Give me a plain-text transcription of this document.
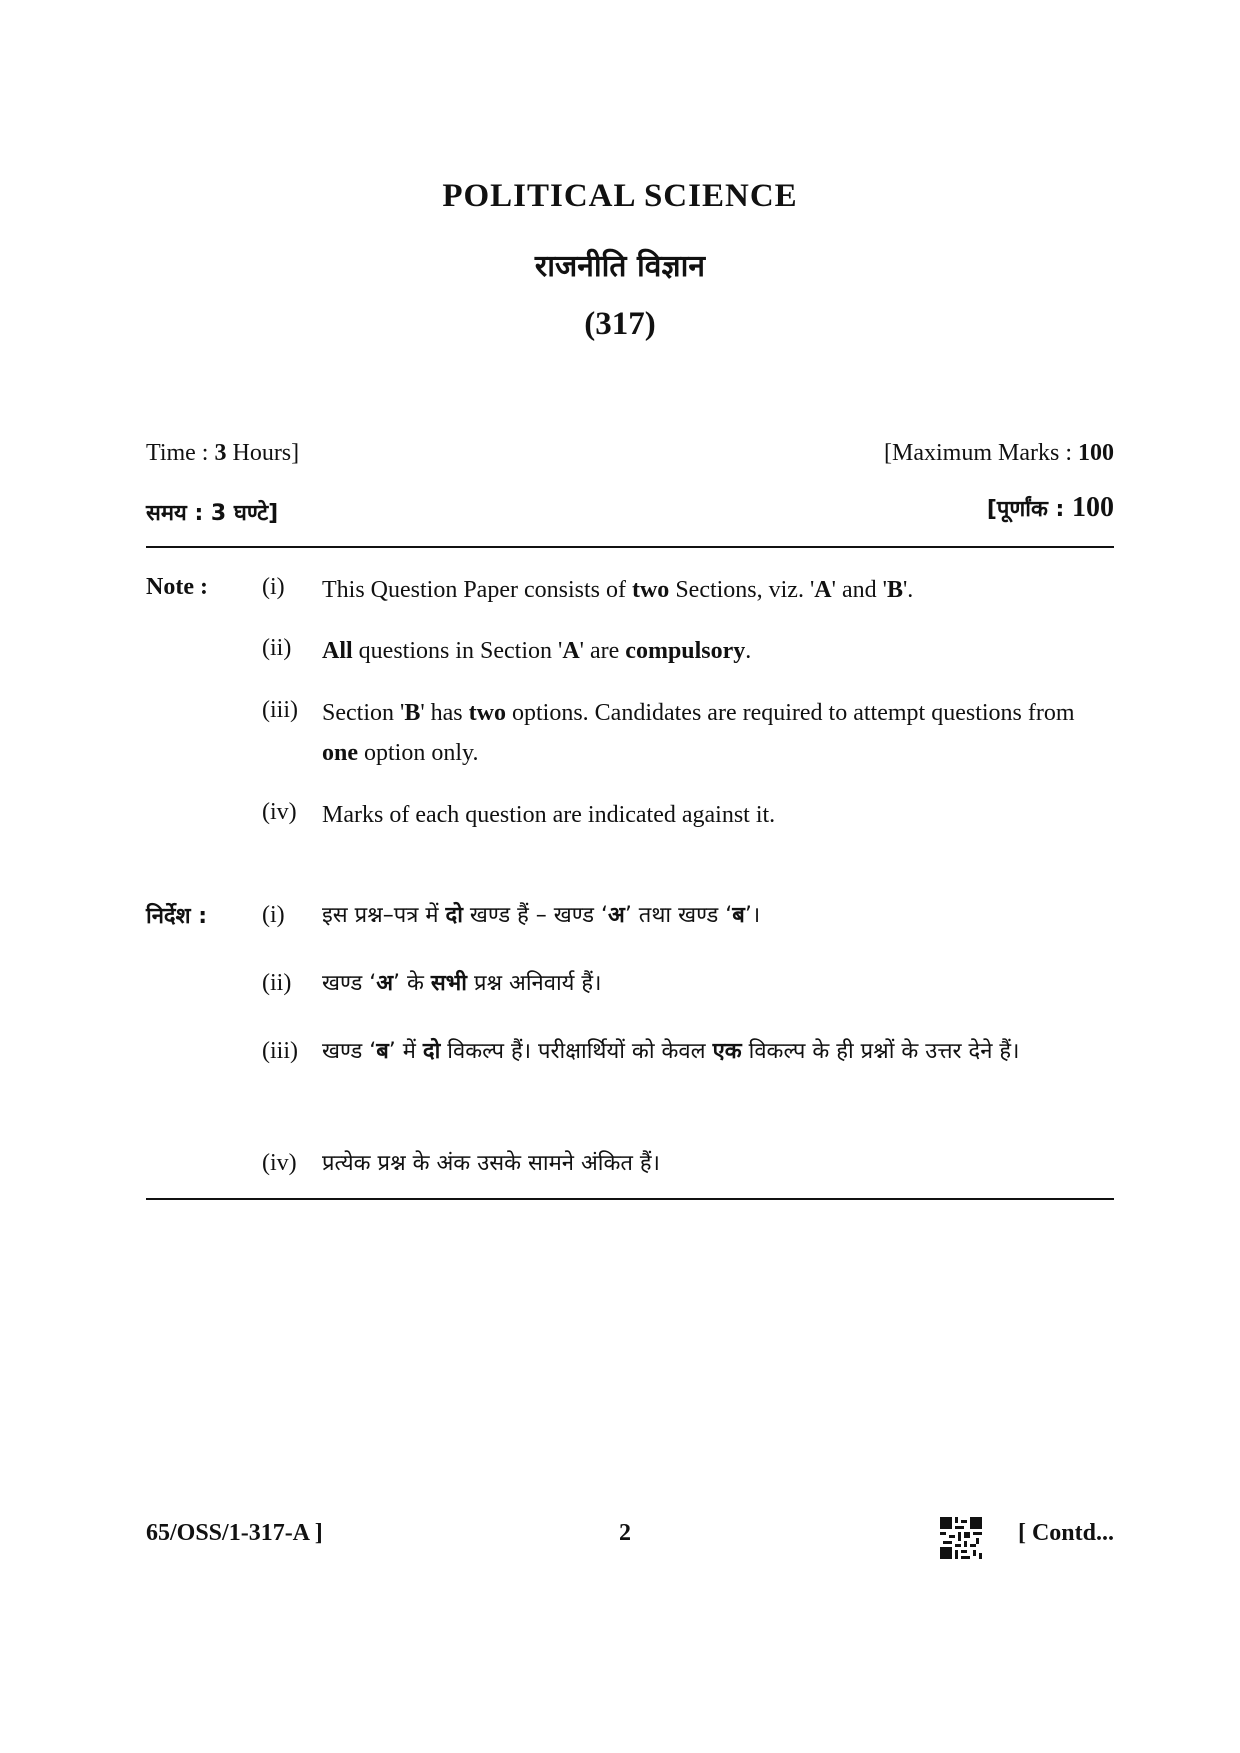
POLITICAL SCIENCE
राजनीति विज्ञान
(317)
Time : 3 Hours]	[Maximum Marks : 100
समय : 3 घण्टे]	[पूर्णांक : 100
Note : (i) This Question Paper consists of two Sections, viz. 'A' and 'B'.
(ii) All questions in Section 'A' are compulsory.
(iii) Section 'B' has two options. Candidates are required to attempt questions from one option only.
(iv) Marks of each question are indicated against it.
निर्देश : (i) इस प्रश्न–पत्र में दो खण्ड हैं – खण्ड ‘अ’ तथा खण्ड ‘ब’।
(ii) खण्ड ‘अ’ के सभी प्रश्न अनिवार्य हैं।
(iii) खण्ड ‘ब’ में दो विकल्प हैं। परीक्षार्थियों को केवल एक विकल्प के ही प्रश्नों के उत्तर देने हैं।
(iv) प्रत्येक प्रश्न के अंक उसके सामने अंकित हैं।
65/OSS/1-317-A ]	2	[ Contd...
